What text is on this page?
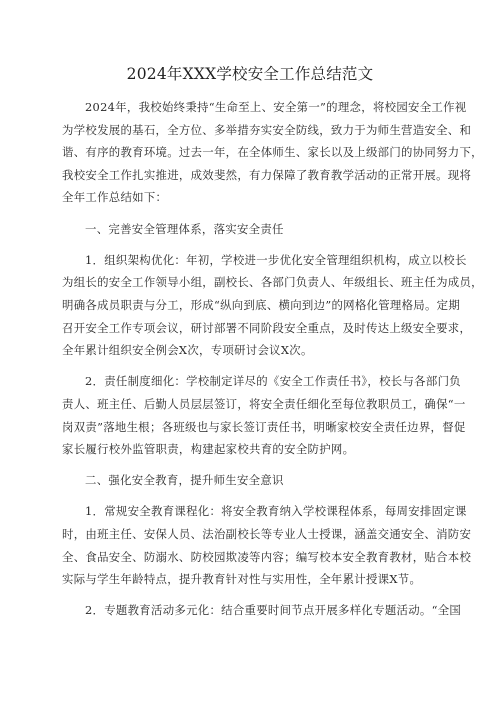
2024年XXX学校安全工作总结范文
2024年，我校始终秉持“生命至上、安全第一”的理念，将校园安全工作视
为学校发展的基石，全方位、多举措夯实安全防线，致力于为师生营造安全、和
谐、有序的教育环境。过去一年，在全体师生、家长以及上级部门的协同努力下，
我校安全工作扎实推进，成效斐然，有力保障了教育教学活动的正常开展。现将
全年工作总结如下：
一、完善安全管理体系，落实安全责任
1．组织架构优化：年初，学校进一步优化安全管理组织机构，成立以校长
为组长的安全工作领导小组，副校长、各部门负责人、年级组长、班主任为成员，
明确各成员职责与分工，形成“纵向到底、横向到边”的网格化管理格局。定期
召开安全工作专项会议，研讨部署不同阶段安全重点，及时传达上级安全要求，
全年累计组织安全例会X次，专项研讨会议X次。
2．责任制度细化：学校制定详尽的《安全工作责任书》，校长与各部门负
责人、班主任、后勤人员层层签订，将安全责任细化至每位教职员工，确保“一
岗双责”落地生根；各班级也与家长签订责任书，明晰家校安全责任边界，督促
家长履行校外监管职责，构建起家校共育的安全防护网。
二、强化安全教育，提升师生安全意识
1．常规安全教育课程化：将安全教育纳入学校课程体系，每周安排固定课
时，由班主任、安保人员、法治副校长等专业人士授课，涵盖交通安全、消防安
全、食品安全、防溺水、防校园欺凌等内容；编写校本安全教育教材，贴合本校
实际与学生年龄特点，提升教育针对性与实用性，全年累计授课X节。
2．专题教育活动多元化：结合重要时间节点开展多样化专题活动。“全国
